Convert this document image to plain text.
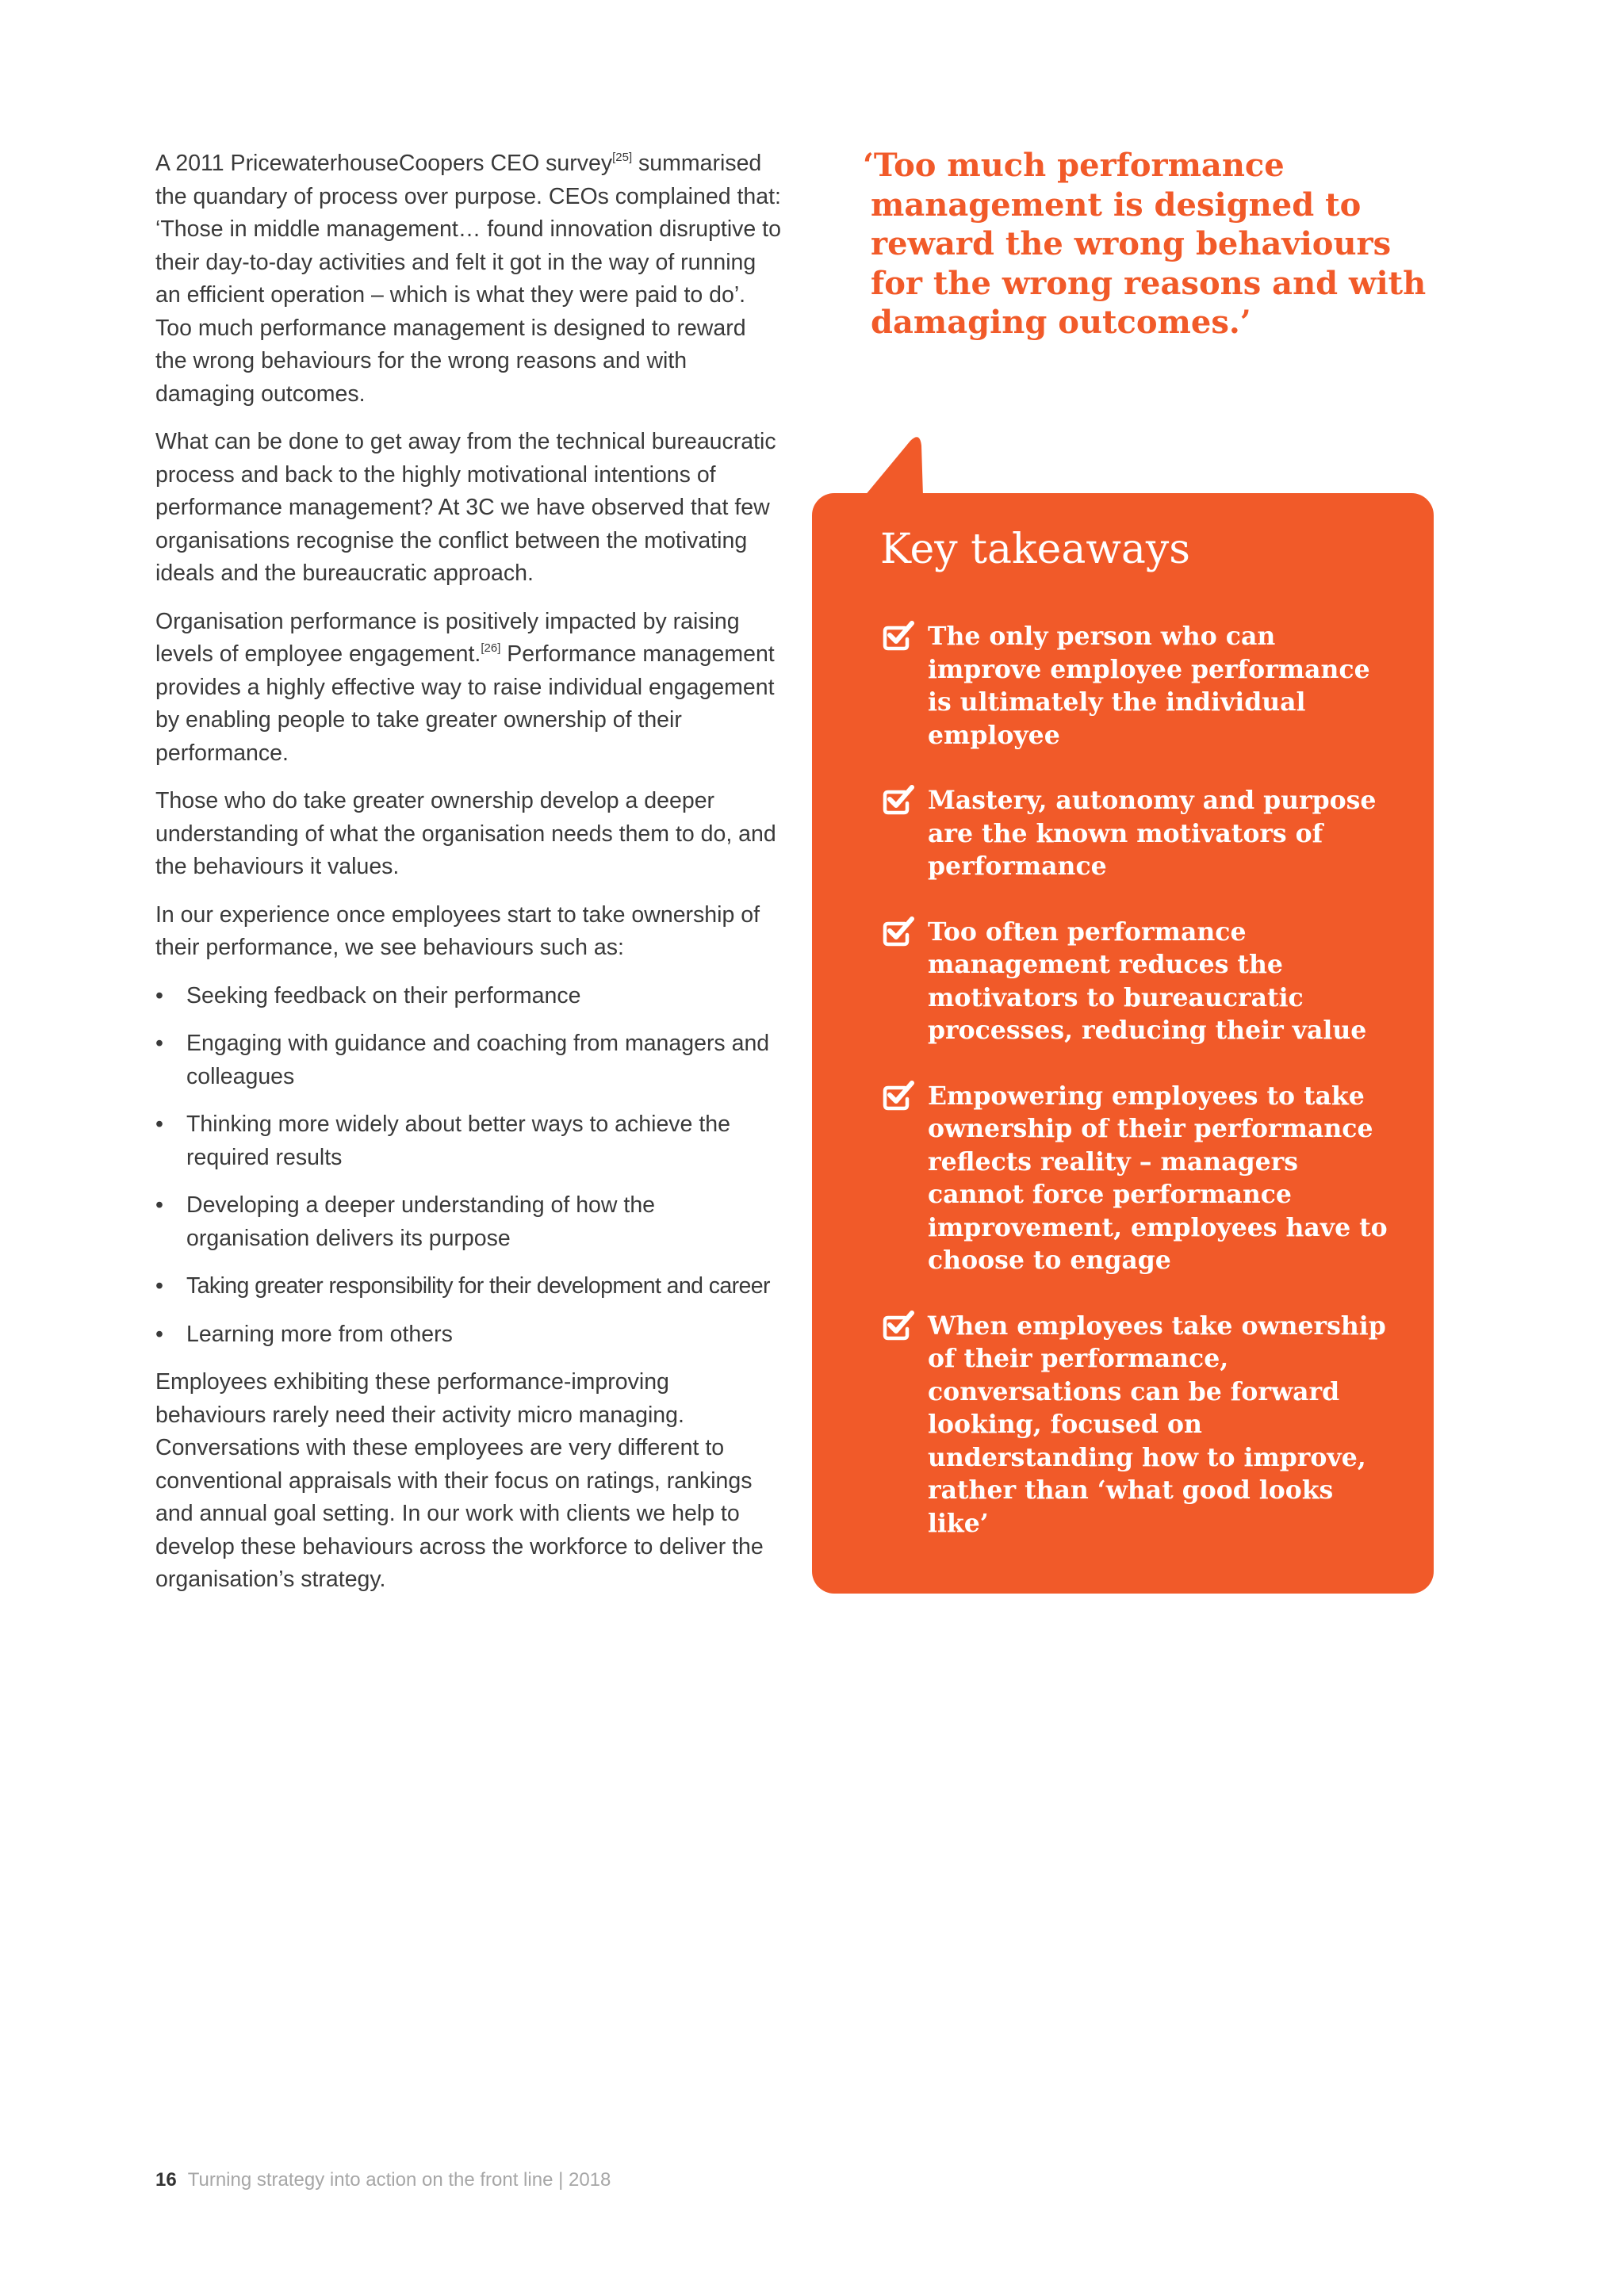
A 2011 PricewaterhouseCoopers CEO survey[25] summarised the quandary of process over purpose. CEOs complained that: ‘Those in middle management… found innovation disruptive to their day-to-day activities and felt it got in the way of running an efficient operation – which is what they were paid to do’. Too much performance management is designed to reward the wrong behaviours for the wrong reasons and with damaging outcomes.

What can be done to get away from the technical bureaucratic process and back to the highly motivational intentions of performance management? At 3C we have observed that few organisations recognise the conflict between the motivating ideals and the bureaucratic approach.

Organisation performance is positively impacted by raising levels of employee engagement.[26] Performance management provides a highly effective way to raise individual engagement by enabling people to take greater ownership of their performance.

Those who do take greater ownership develop a deeper understanding of what the organisation needs them to do, and the behaviours it values.

In our experience once employees start to take ownership of their performance, we see behaviours such as:

• Seeking feedback on their performance
• Engaging with guidance and coaching from managers and colleagues
• Thinking more widely about better ways to achieve the required results
• Developing a deeper understanding of how the organisation delivers its purpose
• Taking greater responsibility for their development and career
• Learning more from others

Employees exhibiting these performance-improving behaviours rarely need their activity micro managing. Conversations with these employees are very different to conventional appraisals with their focus on ratings, rankings and annual goal setting. In our work with clients we help to develop these behaviours across the workforce to deliver the organisation’s strategy.

‘Too much performance management is designed to reward the wrong behaviours for the wrong reasons and with damaging outcomes.’
Key takeaways
The only person who can improve employee performance is ultimately the individual employee
Mastery, autonomy and purpose are the known motivators of performance
Too often performance management reduces the motivators to bureaucratic processes, reducing their value
Empowering employees to take ownership of their performance reflects reality – managers cannot force performance improvement, employees have to choose to engage
When employees take ownership of their performance, conversations can be forward looking, focused on understanding how to improve, rather than ‘what good looks like’
16 Turning strategy into action on the front line | 2018
